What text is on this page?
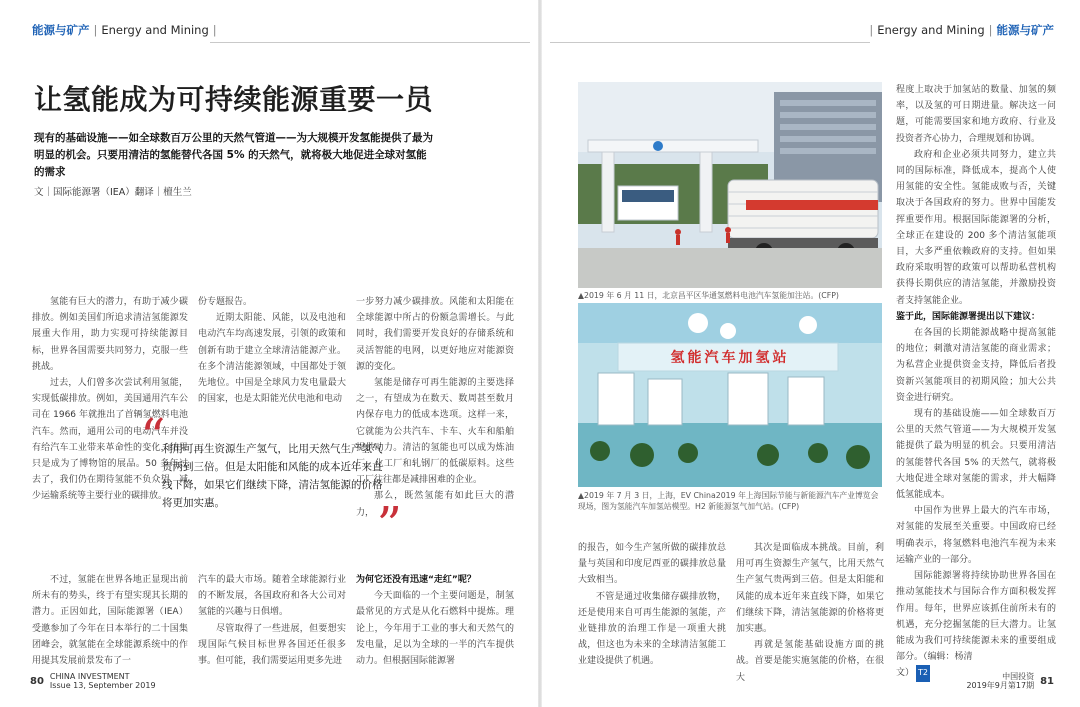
能源与矿产 | Energy and Mining |	| Energy and Mining | 能源与矿产
让氢能成为可持续能源重要一员
现有的基础设施——如全球数百万公里的天然气管道——为大规模开发氢能提供了最为明显的机会。只要用清洁的氢能替代各国 5% 的天然气，就将极大地促进全球对氢能的需求
文｜国际能源署（IEA）翻译｜檀生兰

氢能有巨大的潜力，有助于减少碳排放。例如美国们所追求清洁氢能源发展重大作用，助力实现可持续能源目标，世界各国需要共同努力，克服一些挑战。

过去，人们曾多次尝试利用氢能，实现低碳排放。例如，美国通用汽车公司在 1966 年就推出了首辆氢燃料电池汽车。然而，通用公司的电动汽车并没有给汽车工业带来革命性的变化，结果只是成为了博物馆的展品。50 多年过去了，我们仍在期待氢能不负众望，减少运输系统等主要行业的碳排放。

不过，氢能在世界各地正显现出前所未有的势头，终于有望实现其长期的潜力。正因如此，国际能源署（IEA）受邀参加了今年在日本举行的二十国集团峰会，就氢能在全球能源系统中的作用提其发展前景发布了一

份专题报告。

近期太阳能、风能，以及电池和电动汽车均高速发展，引领的政策和创新有助于建立全球清洁能源产业。在多个清洁能源领域，中国都处于领先地位。中国是全球风力发电量最大的国家，也是太阳能光伏电池和电动

汽车的最大市场。随着全球能源行业的不断发展，各国政府和各大公司对氢能的兴趣与日俱增。

尽管取得了一些进展，但要想实现国际气候目标世界各国还任很多事。但可能，我们需要运用更多先进

一步努力减少碳排放。风能和太阳能在全球能源中所占的份额急需增长。与此同时，我们需要开发良好的存储系统和灵活智能的电网，以更好地应对能源资源的变化。

氢能是储存可再生能源的主要选择之一，有望成为在数天、数周甚至数月内保存电力的低成本选项。这样一来，它就能为公共汽车、卡车、火车和船舶提供动力。清洁的氢能也可以成为炼油厂、化工厂和轧钢厂的低碳原料。这些工厂往往都是减排困难的企业。

那么，既然氢能有如此巨大的潜力，

为何它还没有迅速“走红”呢？

今天面临的一个主要问题是，制氢最常见的方式是从化石燃料中提炼。理论上，今年用于工业的事大和天然气的发电量，足以为全球的一半的汽车提供动力。但根据国际能源署

“
利用可再生资源生产氢气，比用天然气生产氢气贵两到三倍。但是太阳能和风能的成本近年来直线下降，如果它们继续下降，清洁氢能源的价格将更加实惠。	”
▲2019 年 6 月 11 日，北京昌平区华通氢燃料电池汽车氢能加注站。(CFP)
氢能汽车加氢站
▲2019 年 7 月 3 日，上海，EV China2019 年上海国际节能与新能源汽车产业博览会现场，图为氢能汽车加氢站模型。H2 新能源氢气加气站。(CFP)

的报告，如今生产氢所做的碳排放总量与英国和印度尼西亚的碳排放总量大致相当。

不管是通过收集储存碳排放物，还是使用来自可再生能源的氢能，产业链排放的治理工作是一项重大挑战，但这也为未来的全球清洁氢能工业建设提供了机遇。

其次是面临成本挑战。目前，利用可再生资源生产氢气，比用天然气生产氢气贵两到三倍。但是太阳能和风能的成本近年来直线下降，如果它们继续下降，清洁氢能源的价格将更加实惠。

再就是氢能基础设施方面的挑战。首要是能实施氢能的价格，在很大

程度上取决于加氢站的数量、加氢的频率，以及氢的可日期进量。解决这一问题，可能需要国家和地方政府、行业及投资者齐心协力，合理规划和协调。

政府和企业必须共同努力，建立共同的国际标准，降低成本，提高个人使用氢能的安全性。氢能成败与否，关键取决于各国政府的努力。世界中国能发挥重要作用。根据国际能源署的分析，全球正在建设的 200 多个清洁氢能项目，大多严重依赖政府的支持。但如果政府采取明智的政策可以帮助私营机构获得长期供应的清洁氢能，并激励投资者支持氢能企业。

鉴于此，国际能源署提出以下建议：

在各国的长期能源战略中提高氢能的地位；刺激对清洁氢能的商业需求；为私营企业提供资金支持，降低后者投资新兴氢能项目的初期风险；加大公共资金进行研究。

现有的基础设施——如全球数百万公里的天然气管道——为大规模开发氢能提供了最为明显的机会。只要用清洁的氢能替代各国 5% 的天然气，就将极大地促进全球对氢能的需求，并大幅降低氢能成本。

中国作为世界上最大的汽车市场，对氢能的发展至关重要。中国政府已经明确表示，将氢燃料电池汽车视为未来运输产业的一部分。

国际能源署将持续协助世界各国在推动氢能技术与国际合作方面积极发挥作用。每年，世界应该抓住前所未有的机遇，充分挖掘氢能的巨大潜力。让氢能成为我们可持续能源未来的重要组成部分。（编辑：杨清

文） T2

80 CHINA INVESTMENT
Issue 13, September 2019
中国投资
2019年9月第17期 81
